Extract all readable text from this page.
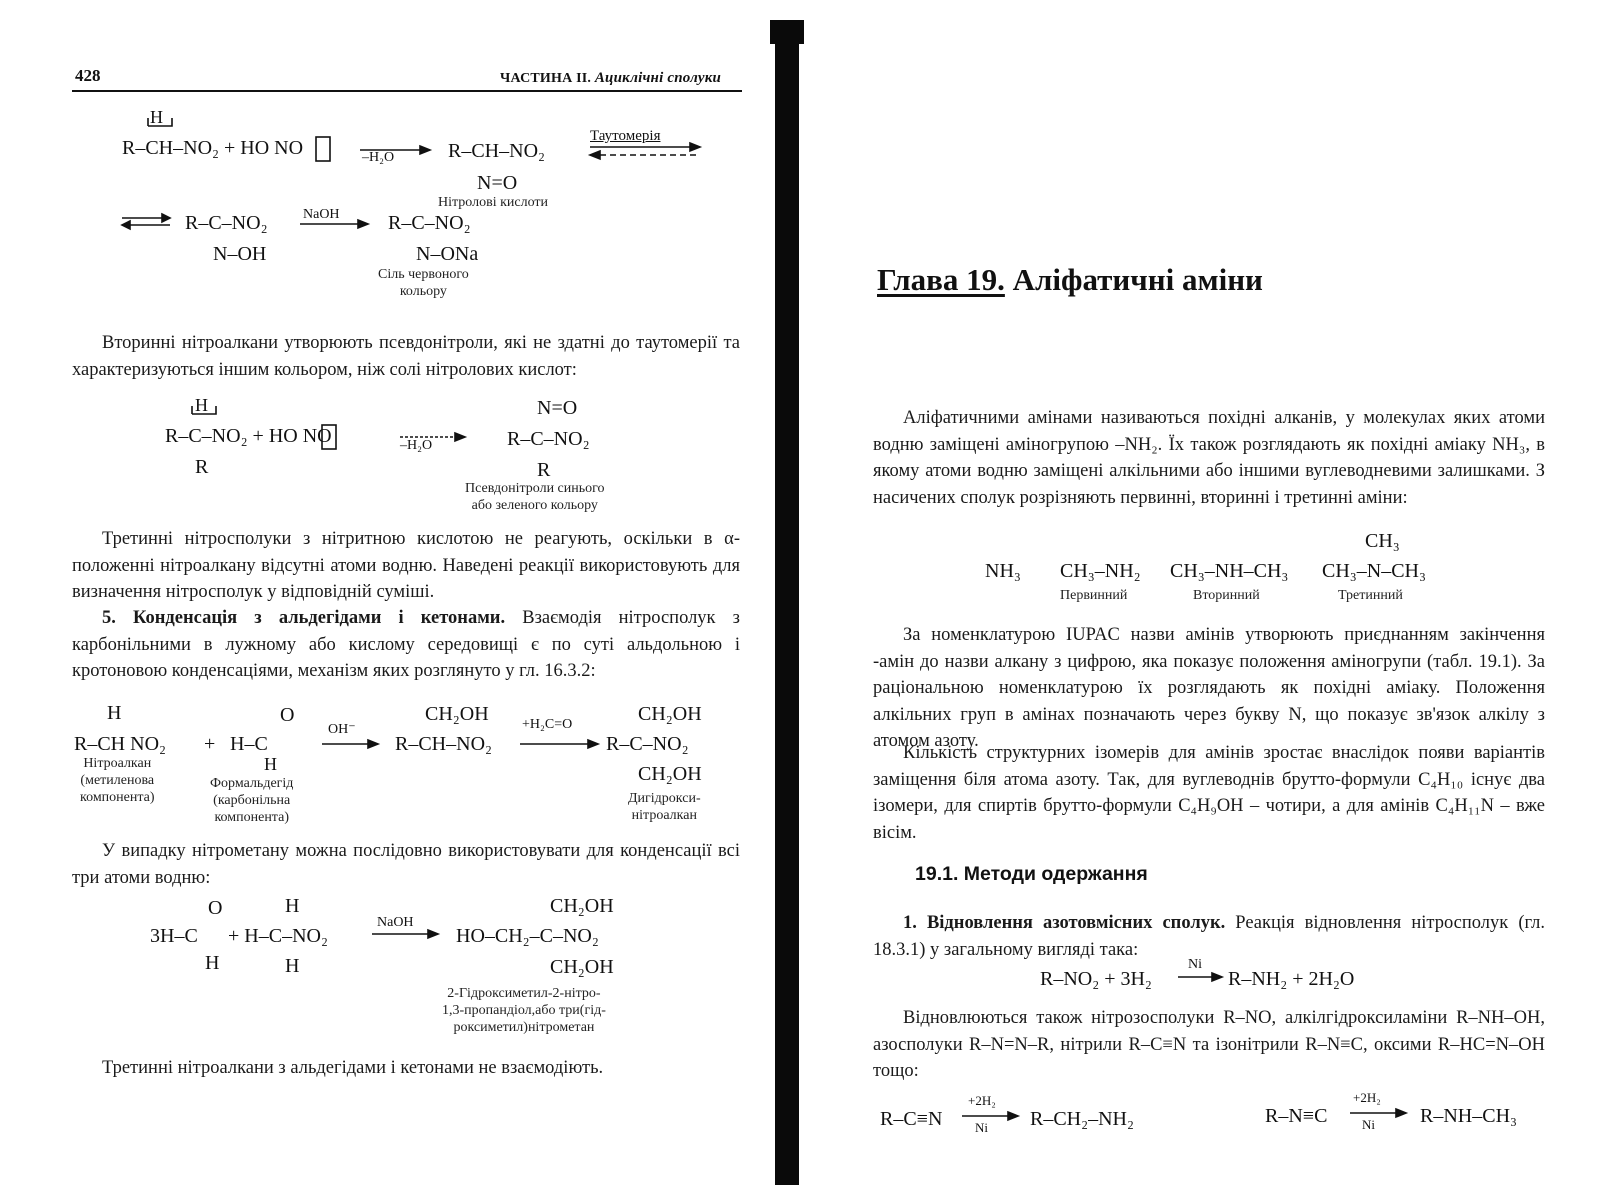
428	ЧАСТИНА II. Ациклічні сполуки
H
R–CH–NO₂ + HO NO	–H₂O	R–CH–NO₂
N=O
Таутомерія
Нітролові кислоти
R–C–NO₂
N–OH
NaOH R–C–NO₂
N–ONa
Сіль червоного
кольору
Вторинні нітроалкани утворюють псевдонітроли, які не здатні до таутомерії та характеризуються іншим кольором, ніж солі нітролових кислот:
H
R–C–NO₂ + HO NO
R
–H₂O
N=O
R–C–NO₂
R
Псевдонітроли синього
або зеленого кольору
Третинні нітросполуки з нітритною кислотою не реагують, оскільки в α-положенні нітроалкану відсутні атоми водню. Наведені реакції використовують для визначення нітросполук у відповідній суміші.
5. Конденсація з альдегідами і кетонами. Взаємодія нітросполук з карбонільними в лужному або кислому середовищі є по суті альдольною і кротоновою конденсаціями, механізм яких розглянуто у гл. 16.3.2:
H
R–CH NO₂ +
O
H–C
H
OH⁻
CH₂OH
R–CH–NO₂
+H₂C=O	CH₂OH
R–C–NO₂
CH₂OH
Нітроалкан
(метиленова
компонента)
Формальдегід
(карбонільна
компонента)
Дигідрокси-
нітроалкан
У випадку нітрометану можна послідовно використовувати для конденсації всі три атоми водню:
O
3H–C
H
H
+ H–C–NO₂
H
NaOH
CH₂OH
HO–CH₂–C–NO₂
CH₂OH
2-Гідроксиметил-2-нітро-
1,3-пропандіол,або три(гід-
роксиметил)нітрометан
Третинні нітроалкани з альдегідами і кетонами не взаємодіють.
Глава 19. Аліфатичні аміни
Аліфатичними амінами називаються похідні алканів, у молекулах яких атоми водню заміщені аміногрупою –NH₂. Їх також розглядають як похідні аміаку NH₃, в якому атоми водню заміщені алкільними або іншими вуглеводневими залишками. З насичених сполук розрізняють первинні, вторинні і третинні аміни:
NH₃ CH₃–NH₂
Первинний
CH₃–NH–CH₃
Вторинний
CH₃
CH₃–N–CH₃
Третинний
За номенклатурою IUPAC назви амінів утворюють приєднанням закінчення -амін до назви алкану з цифрою, яка показує положення аміногрупи (табл. 19.1). За раціональною номенклатурою їх розглядають як похідні аміаку. Положення алкільних груп в амінах позначають через букву N, що показує зв'язок алкілу з атомом азоту.
Кількість структурних ізомерів для амінів зростає внаслідок появи варіантів заміщення біля атома азоту. Так, для вуглеводнів брутто-формули C₄H₁₀ існує два ізомери, для спиртів брутто-формули C₄H₉OH – чотири, а для амінів C₄H₁₁N – вже вісім.
19.1. Методи одержання
1. Відновлення азотовмісних сполук. Реакція відновлення нітросполук (гл. 18.3.1) у загальному вигляді така:
R–NO₂ + 3H₂
Ni
R–NH₂ + 2H₂O
Відновлюються також нітрозосполуки R–NO, алкілгідроксиламіни R–NH–OH, азосполуки R–N=N–R, нітрили R–C≡N та ізонітрили R–N≡C, оксими R–HC=N–OH тощо:
R–C≡N
+2H₂
Ni R–CH₂–NH₂	R–N≡C
+2H₂
Ni R–NH–CH₃
